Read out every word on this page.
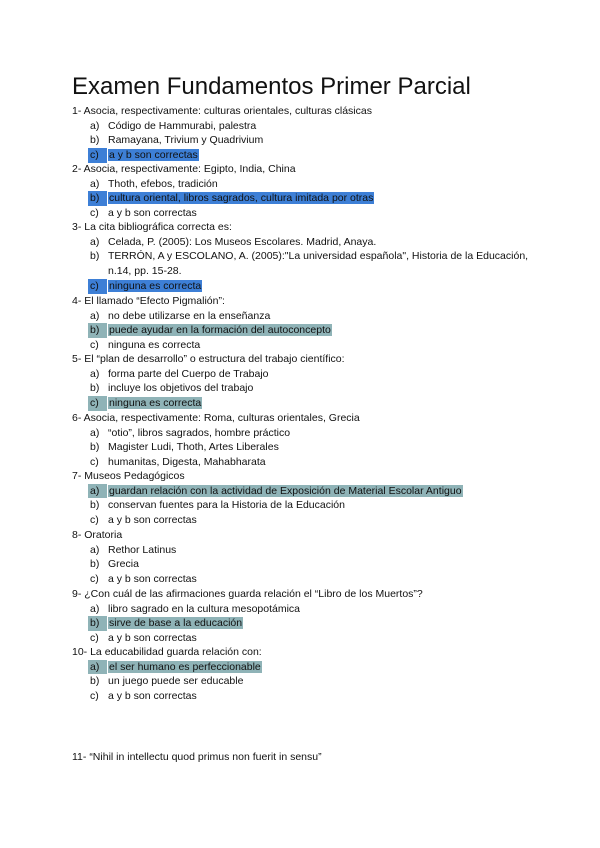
Examen Fundamentos Primer Parcial
1- Asocia, respectivamente: culturas orientales, culturas clásicas
a) Código de Hammurabi, palestra
b) Ramayana, Trivium y Quadrivium
c) a y b son correctas
2- Asocia, respectivamente: Egipto, India, China
a) Thoth, efebos, tradición
b) cultura oriental, libros sagrados, cultura imitada por otras
c) a y b son correctas
3- La cita bibliográfica correcta es:
a) Celada, P. (2005): Los Museos Escolares. Madrid, Anaya.
b) TERRÓN, A y ESCOLANO, A. (2005):"La universidad española", Historia de la Educación, n.14, pp. 15-28.
c) ninguna es correcta
4- El llamado “Efecto Pigmalión”:
a) no debe utilizarse en la enseñanza
b) puede ayudar en la formación del autoconcepto
c) ninguna es correcta
5- El “plan de desarrollo” o estructura del trabajo científico:
a) forma parte del Cuerpo de Trabajo
b) incluye los objetivos del trabajo
c) ninguna es correcta
6- Asocia, respectivamente: Roma, culturas orientales, Grecia
a) “otio”, libros sagrados, hombre práctico
b) Magister Ludi, Thoth, Artes Liberales
c) humanitas, Digesta, Mahabharata
7- Museos Pedagógicos
a) guardan relación con la actividad de Exposición de Material Escolar Antiguo
b) conservan fuentes para la Historia de la Educación
c) a y b son correctas
8- Oratoria
a) Rethor Latinus
b) Grecia
c) a y b son correctas
9- ¿Con cuál de las afirmaciones guarda relación el “Libro de los Muertos”?
a) libro sagrado en la cultura mesopotámica
b) sirve de base a la educación
c) a y b son correctas
10- La educabilidad guarda relación con:
a) el ser humano es perfeccionable
b) un juego puede ser educable
c) a y b son correctas
11- “Nihil in intellectu quod primus non fuerit in sensu”
